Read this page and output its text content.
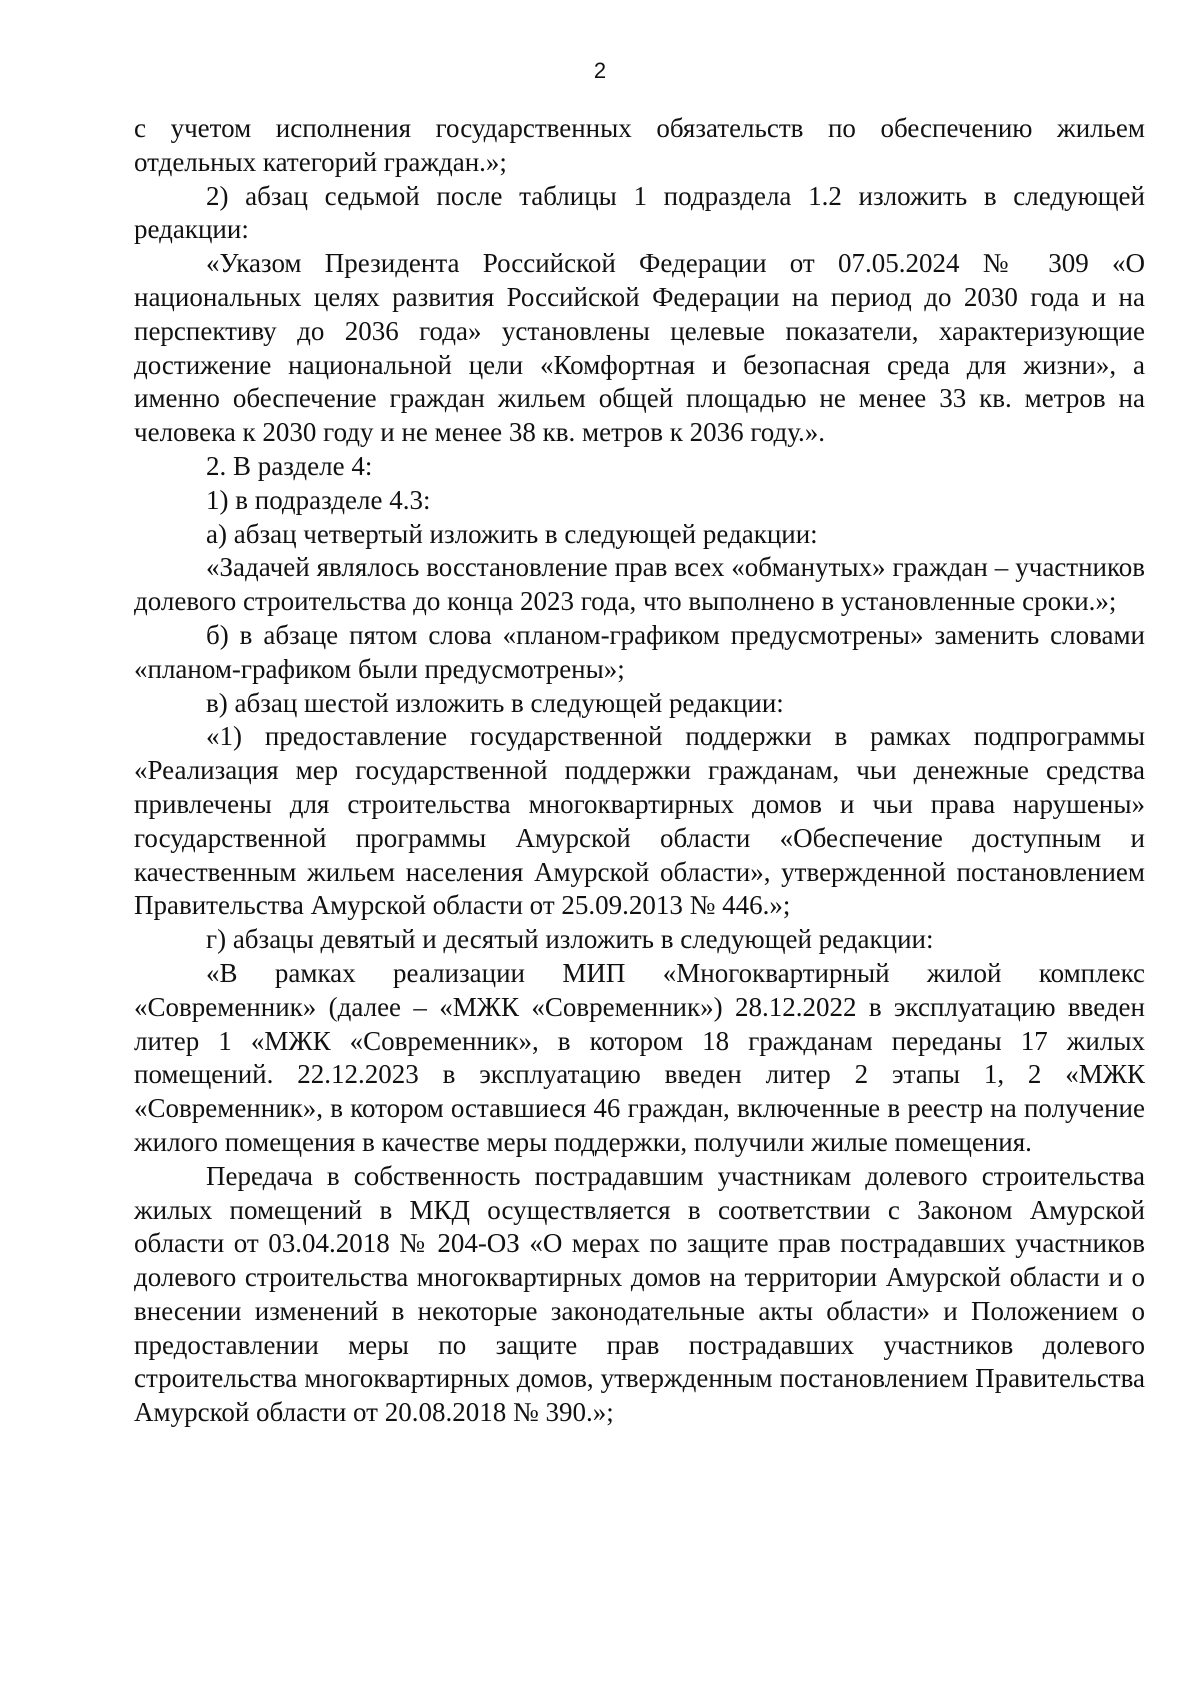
2

с учетом исполнения государственных обязательств по обеспечению жильем отдельных категорий граждан.»;

2) абзац седьмой после таблицы 1 подраздела 1.2 изложить в следующей редакции:

«Указом Президента Российской Федерации от 07.05.2024 № 309 «О национальных целях развития Российской Федерации на период до 2030 года и на перспективу до 2036 года» установлены целевые показатели, характеризующие достижение национальной цели «Комфортная и безопасная среда для жизни», а именно обеспечение граждан жильем общей площадью не менее 33 кв. метров на человека к 2030 году и не менее 38 кв. метров к 2036 году.».

2. В разделе 4:

1) в подразделе 4.3:

а) абзац четвертый изложить в следующей редакции:

«Задачей являлось восстановление прав всех «обманутых» граждан – участников долевого строительства до конца 2023 года, что выполнено в установленные сроки.»;

б) в абзаце пятом слова «планом-графиком предусмотрены» заменить словами «планом-графиком были предусмотрены»;

в) абзац шестой изложить в следующей редакции:

«1) предоставление государственной поддержки в рамках подпрограммы «Реализация мер государственной поддержки гражданам, чьи денежные средства привлечены для строительства многоквартирных домов и чьи права нарушены» государственной программы Амурской области «Обеспечение доступным и качественным жильем населения Амурской области», утвержденной постановлением Правительства Амурской области от 25.09.2013 № 446.»;

г) абзацы девятый и десятый изложить в следующей редакции:

«В рамках реализации МИП «Многоквартирный жилой комплекс «Современник» (далее – «МЖК «Современник») 28.12.2022 в эксплуатацию введен литер 1 «МЖК «Современник», в котором 18 гражданам переданы 17 жилых помещений. 22.12.2023 в эксплуатацию введен литер 2 этапы 1, 2 «МЖК «Современник», в котором оставшиеся 46 граждан, включенные в реестр на получение жилого помещения в качестве меры поддержки, получили жилые помещения.

Передача в собственность пострадавшим участникам долевого строительства жилых помещений в МКД осуществляется в соответствии с Законом Амурской области от 03.04.2018 № 204-ОЗ «О мерах по защите прав пострадавших участников долевого строительства многоквартирных домов на территории Амурской области и о внесении изменений в некоторые законодательные акты области» и Положением о предоставлении меры по защите прав пострадавших участников долевого строительства многоквартирных домов, утвержденным постановлением Правительства Амурской области от 20.08.2018 № 390.»;
